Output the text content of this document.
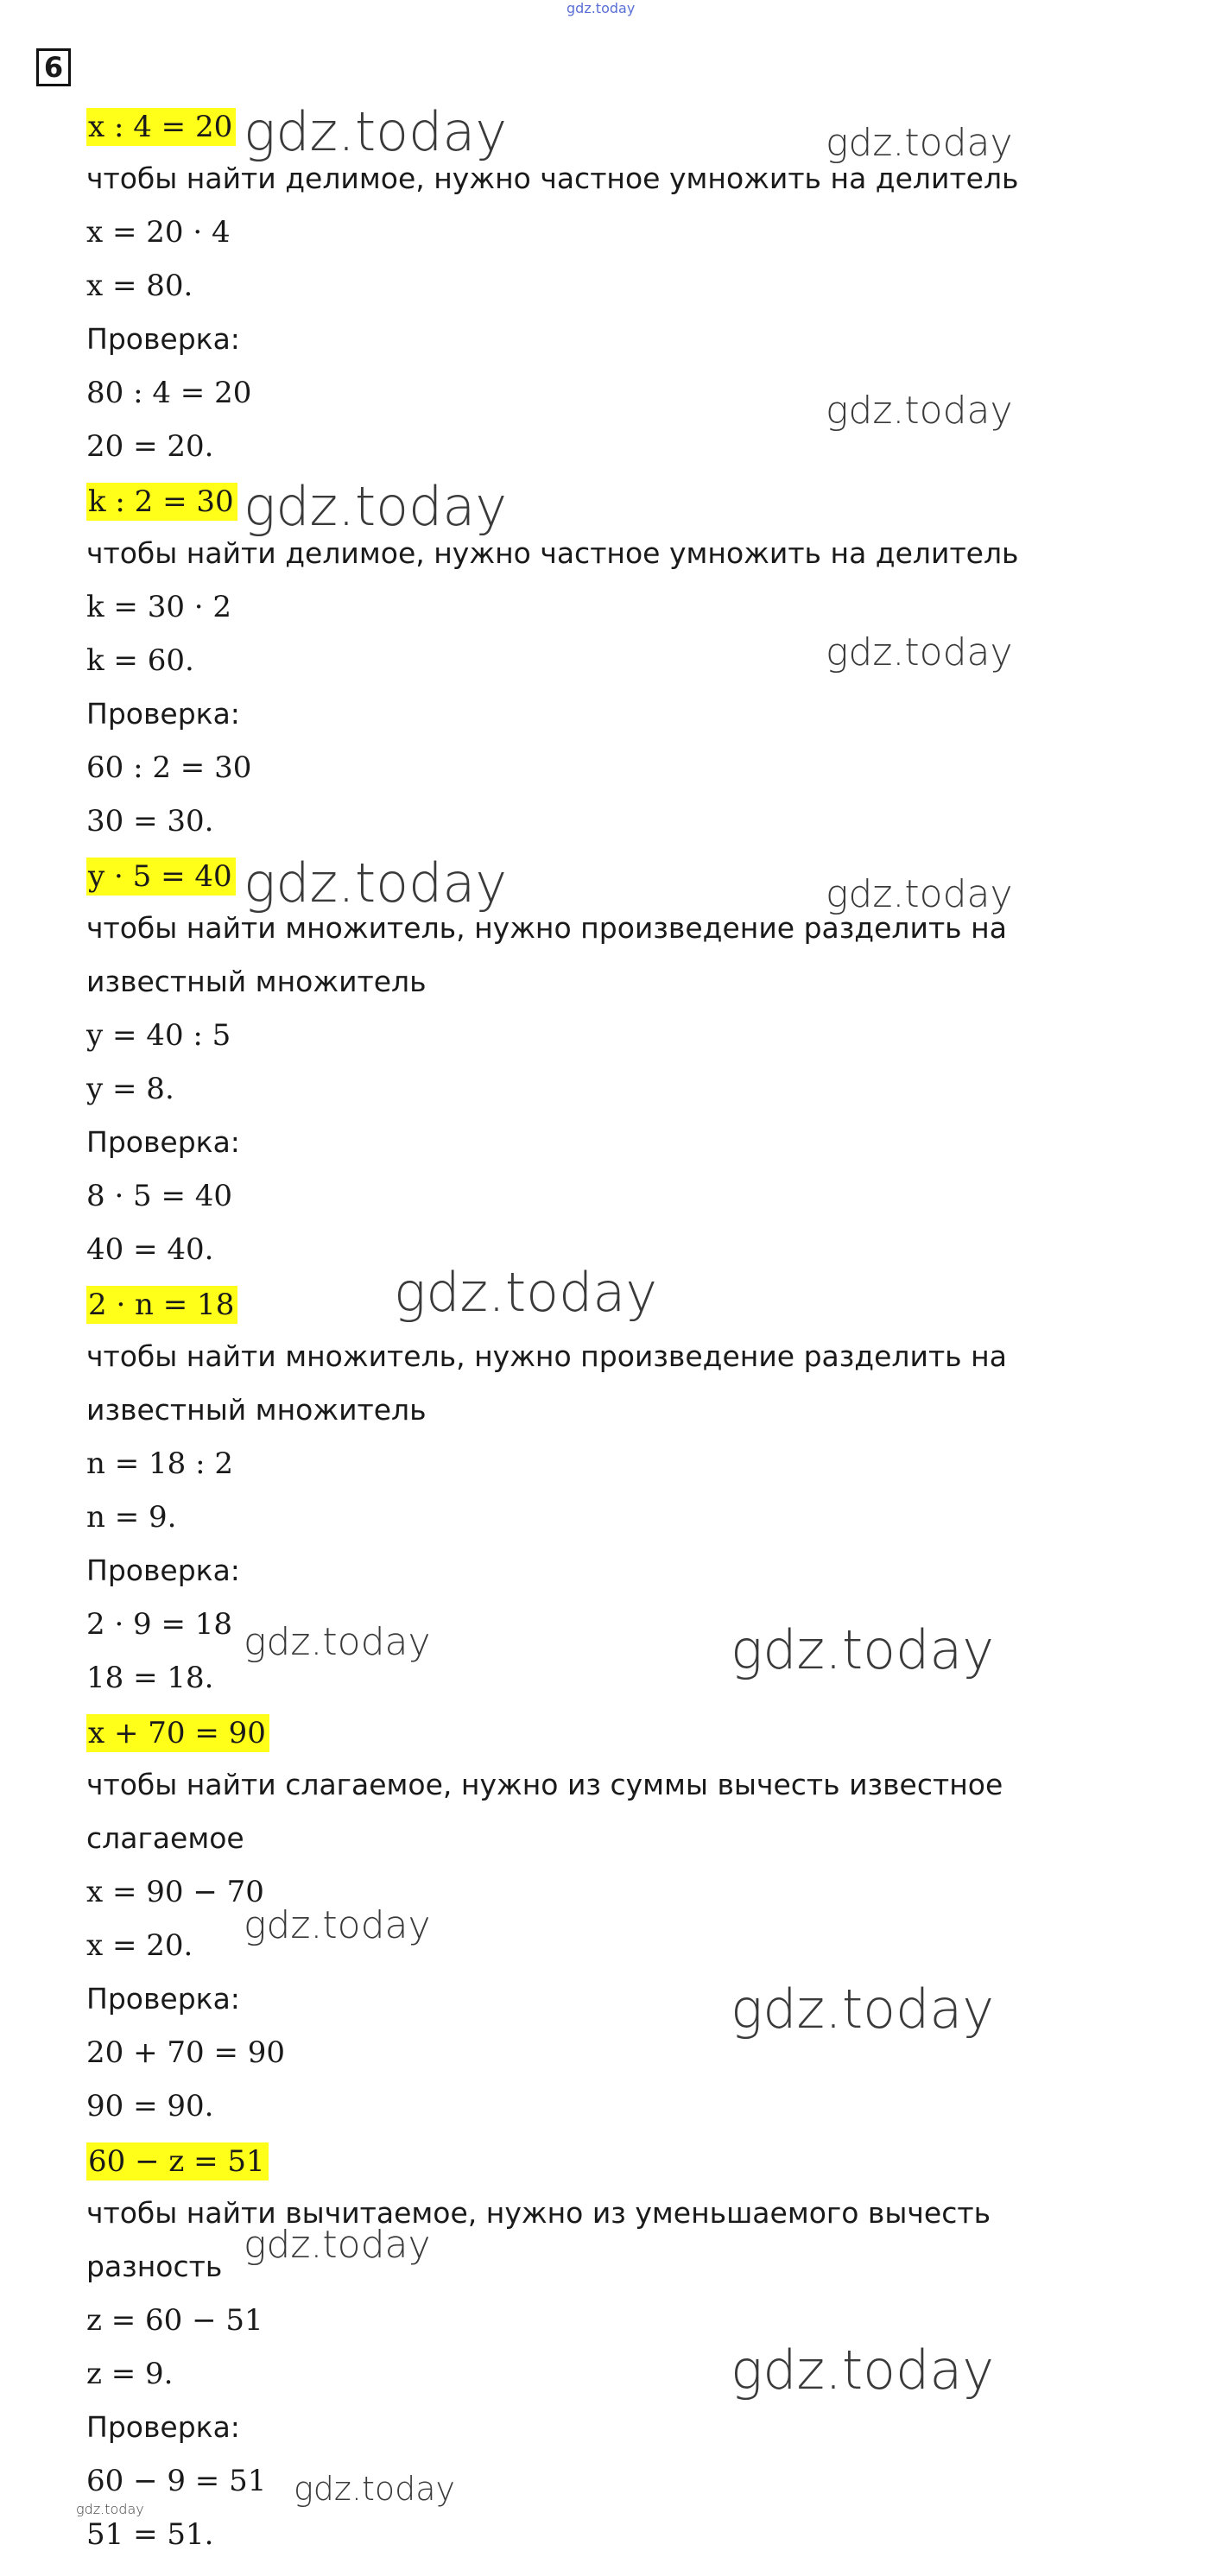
gdz.today
6
x : 4 = 20
чтобы найти делимое, нужно частное умножить на делитель
x = 20 · 4
x = 80.
Проверка:
80 : 4 = 20
20 = 20.
k : 2 = 30
чтобы найти делимое, нужно частное умножить на делитель
k = 30 · 2
k = 60.
Проверка:
60 : 2 = 30
30 = 30.
y · 5 = 40
чтобы найти множитель, нужно произведение разделить на
известный множитель
y = 40 : 5
y = 8.
Проверка:
8 · 5 = 40
40 = 40.
2 · n = 18
чтобы найти множитель, нужно произведение разделить на
известный множитель
n = 18 : 2
n = 9.
Проверка:
2 · 9 = 18
18 = 18.
x + 70 = 90
чтобы найти слагаемое, нужно из суммы вычесть известное
слагаемое
x = 90 − 70
x = 20.
Проверка:
20 + 70 = 90
90 = 90.
60 − z = 51
чтобы найти вычитаемое, нужно из уменьшаемого вычесть
разность
z = 60 − 51
z = 9.
Проверка:
60 − 9 = 51
51 = 51.
gdz.today	gdz.today
gdz.today
gdz.today
gdz.today
gdz.today	gdz.today
gdz.today
gdz.today	gdz.today
gdz.today
gdz.today
gdz.today
gdz.today
gdz.today
gdz.today
